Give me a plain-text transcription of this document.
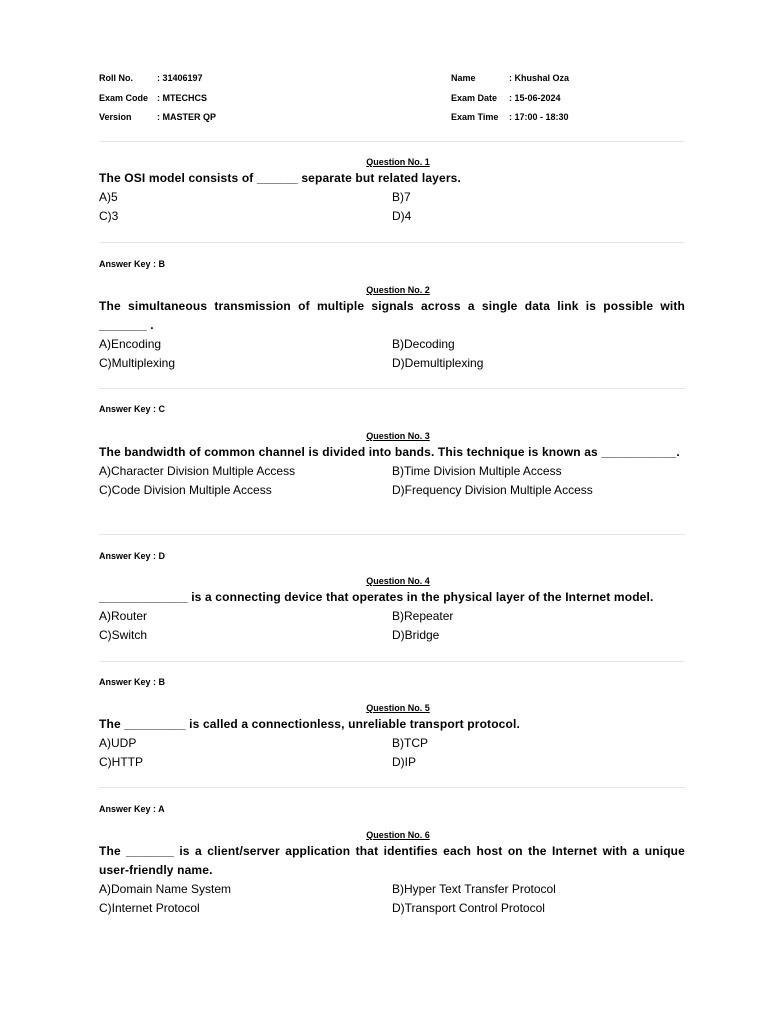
Roll No.	: 31406197	Name	: Khushal Oza
Exam Code : MTECHCS	Exam Date : 15-06-2024
Version	: MASTER QP	Exam Time : 17:00 - 18:30
Question No. 1
The OSI model consists of ______ separate but related layers.
A)5	B)7
C)3	D)4
Answer Key : B
Question No. 2
The simultaneous transmission of multiple signals across a single data link is possible with _______ .
A)Encoding	B)Decoding
C)Multiplexing	D)Demultiplexing
Answer Key : C
Question No. 3
The bandwidth of common channel is divided into bands. This technique is known as ___________.
A)Character Division Multiple Access	B)Time Division Multiple Access
C)Code Division Multiple Access	D)Frequency Division Multiple Access
Answer Key : D
Question No. 4
_____________ is a connecting device that operates in the physical layer of the Internet model.
A)Router	B)Repeater
C)Switch	D)Bridge
Answer Key : B
Question No. 5
The _________ is called a connectionless, unreliable transport protocol.
A)UDP	B)TCP
C)HTTP	D)IP
Answer Key : A
Question No. 6
The _______ is a client/server application that identifies each host on the Internet with a unique user-friendly name.
A)Domain Name System	B)Hyper Text Transfer Protocol
C)Internet Protocol	D)Transport Control Protocol
